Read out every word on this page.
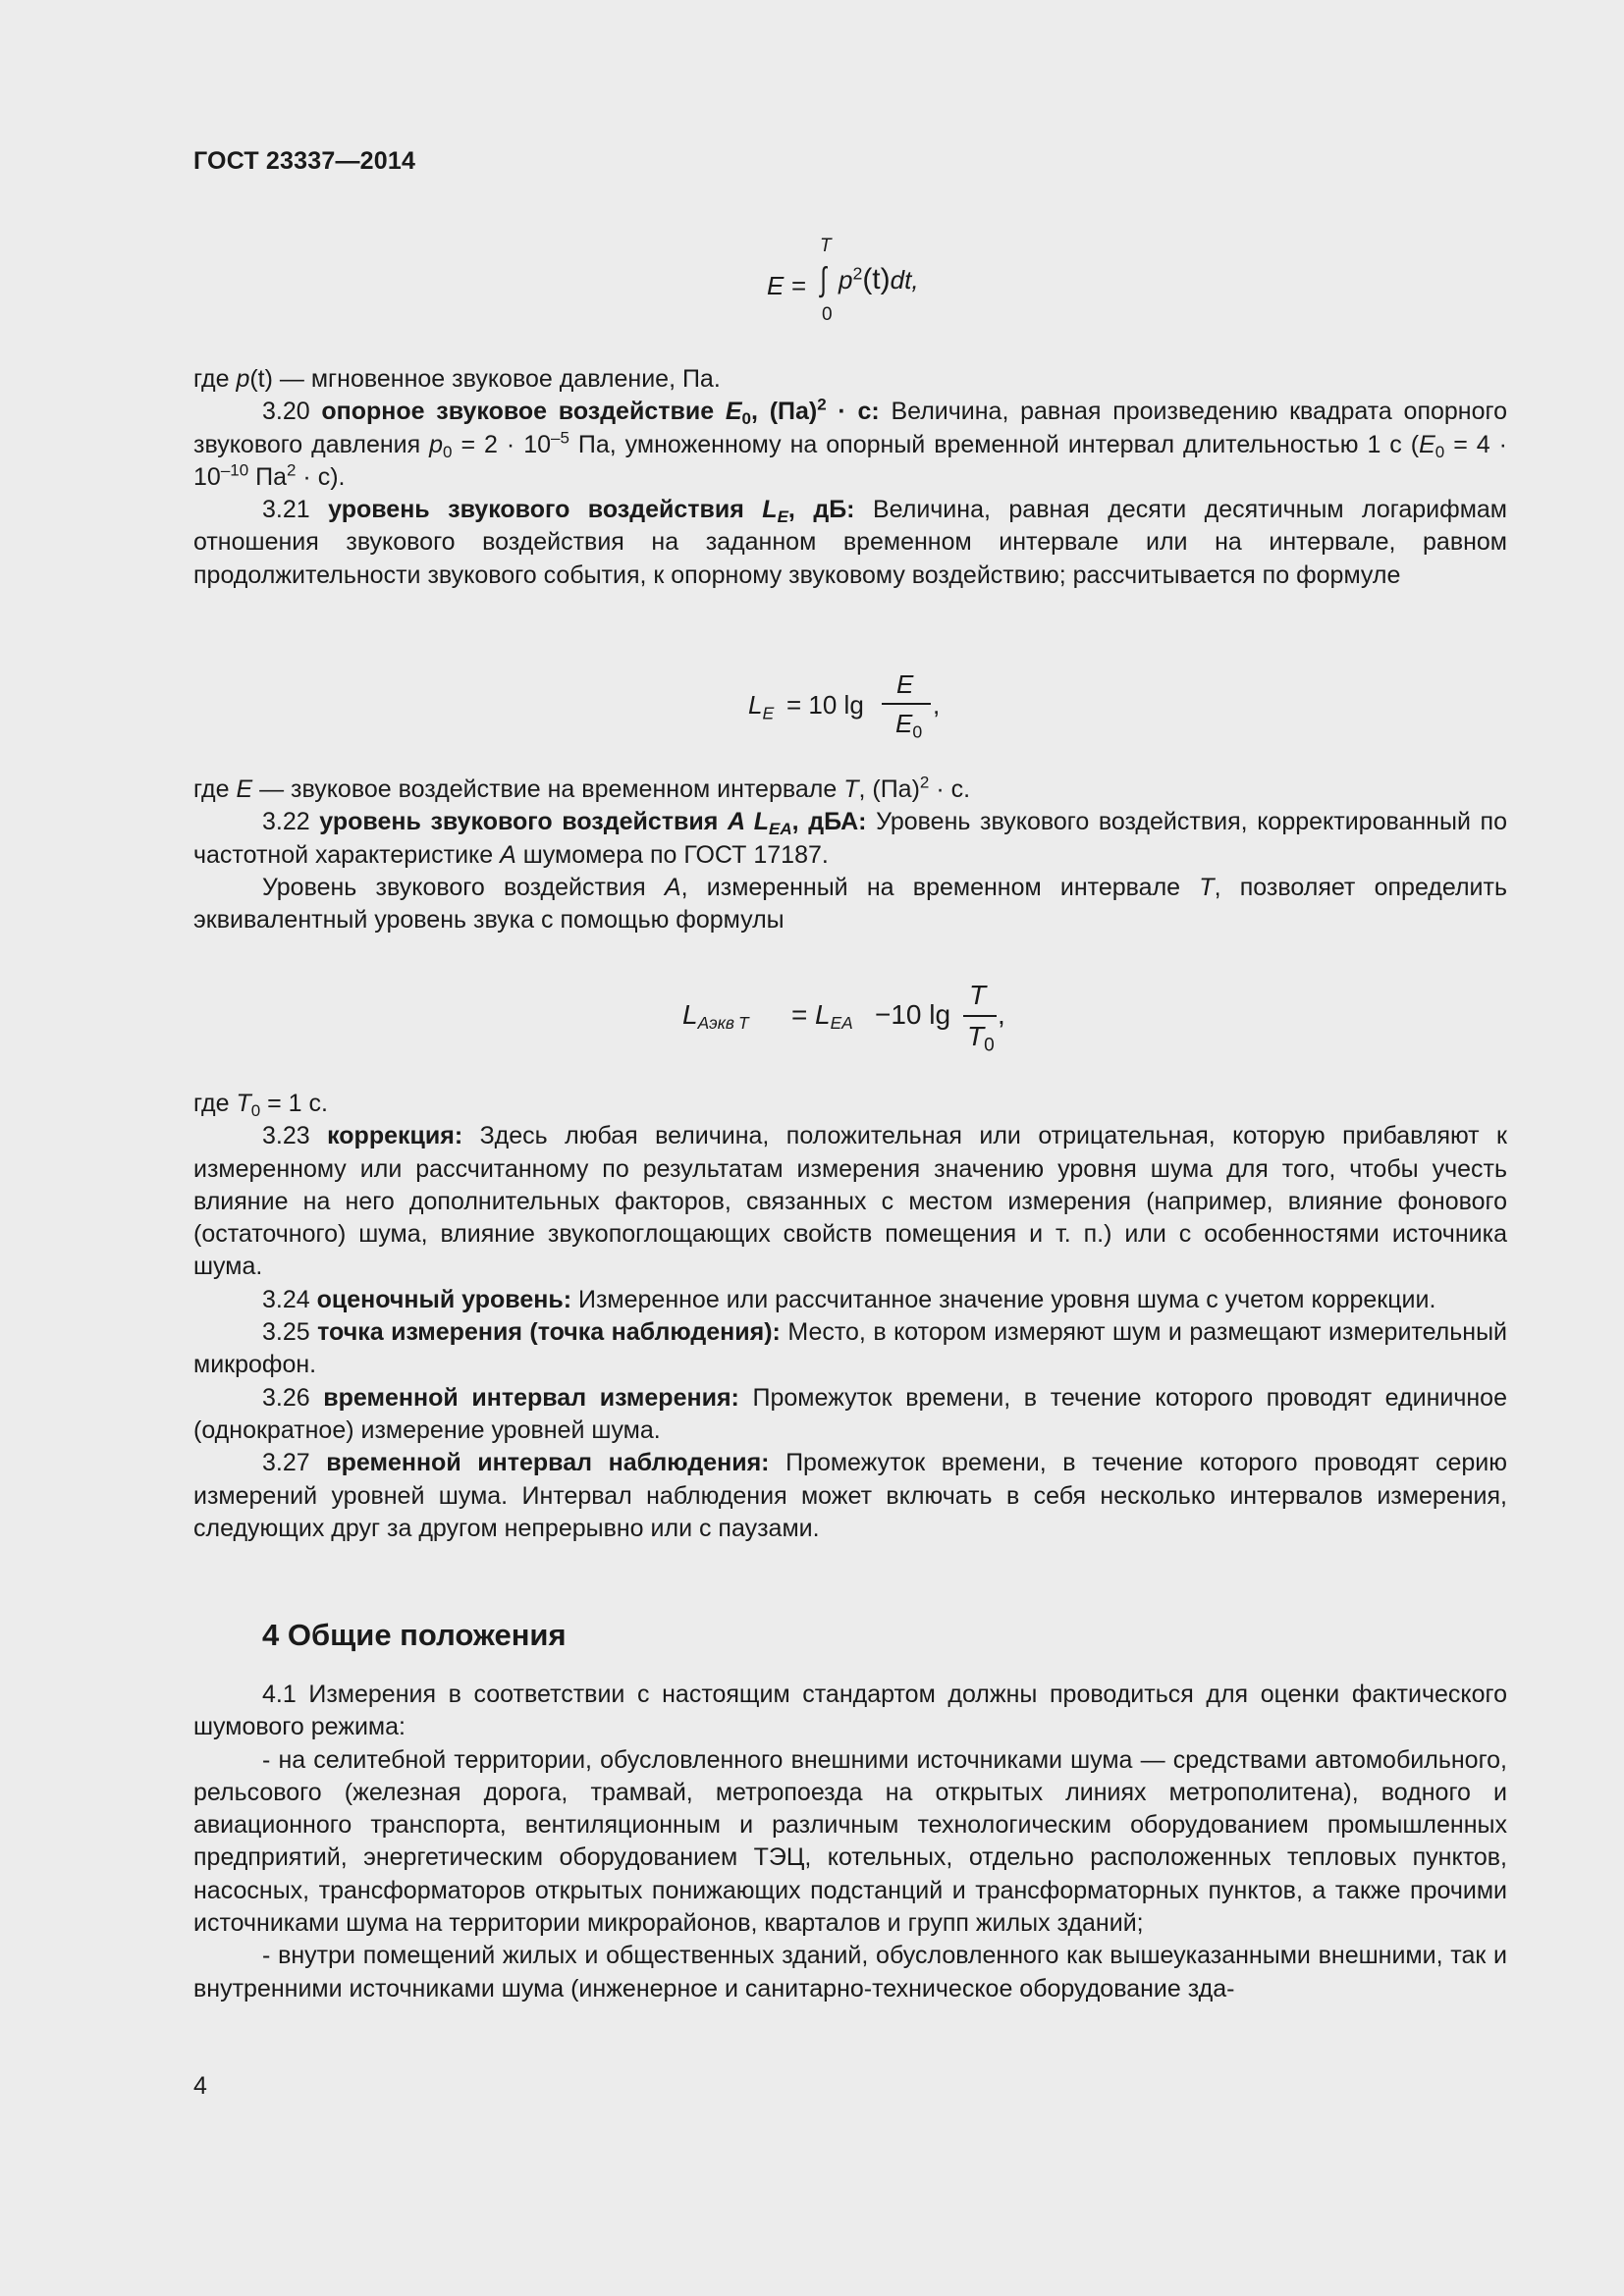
ГОСТ 23337—2014
E =
T
∫
0
$p^2(t)dt$,

где p(t) — мгновенное звуковое давление, Па.

3.20 опорное звуковое воздействие $E_0$, (Па)$^2$ · с: Величина, равная произведению квадрата опорного звукового давления $p_0 = 2 \cdot 10^{-5}$ Па, умноженному на опорный временной интервал длительностью 1 с ($E_0 = 4 \cdot 10^{-10}$ $Па^2 \cdot с$).

3.21 уровень звукового воздействия $L_E$, дБ: Величина, равная десяти десятичным логарифмам отношения звукового воздействия на заданном временном интервале или на интервале, равном продолжительности звукового события, к опорному звуковому воздействию; рассчитывается по формуле

$L_E = 10$ lg
E
$E_0$
,

где E — звуковое воздействие на временном интервале T, (Па)$^2$ · с.

3.22 уровень звукового воздействия A $L_{EA}$, дБА: Уровень звукового воздействия, корректированный по частотной характеристике A шумомера по ГОСТ 17187.

Уровень звукового воздействия A, измеренный на временном интервале T, позволяет определить эквивалентный уровень звука с помощью формулы

$L_{Aэкв T} = L_{EA} -10$ lg
T
$T_0$
,

где $T_0 = 1$ с.

3.23 коррекция: Здесь любая величина, положительная или отрицательная, которую прибавляют к измеренному или рассчитанному по результатам измерения значению уровня шума для того, чтобы учесть влияние на него дополнительных факторов, связанных с местом измерения (например, влияние фонового (остаточного) шума, влияние звукопоглощающих свойств помещения и т. п.) или с особенностями источника шума.

3.24 оценочный уровень: Измеренное или рассчитанное значение уровня шума с учетом коррекции.

3.25 точка измерения (точка наблюдения): Место, в котором измеряют шум и размещают измерительный микрофон.

3.26 временной интервал измерения: Промежуток времени, в течение которого проводят единичное (однократное) измерение уровней шума.

3.27 временной интервал наблюдения: Промежуток времени, в течение которого проводят серию измерений уровней шума. Интервал наблюдения может включать в себя несколько интервалов измерения, следующих друг за другом непрерывно или с паузами.

4 Общие положения

4.1 Измерения в соответствии с настоящим стандартом должны проводиться для оценки фактического шумового режима:

- на селитебной территории, обусловленного внешними источниками шума — средствами автомобильного, рельсового (железная дорога, трамвай, метропоезда на открытых линиях метрополитена), водного и авиационного транспорта, вентиляционным и различным технологическим оборудованием промышленных предприятий, энергетическим оборудованием ТЭЦ, котельных, отдельно расположенных тепловых пунктов, насосных, трансформаторов открытых понижающих подстанций и трансформаторных пунктов, а также прочими источниками шума на территории микрорайонов, кварталов и групп жилых зданий;

- внутри помещений жилых и общественных зданий, обусловленного как вышеуказанными внешними, так и внутренними источниками шума (инженерное и санитарно-техническое оборудование зда-

4
